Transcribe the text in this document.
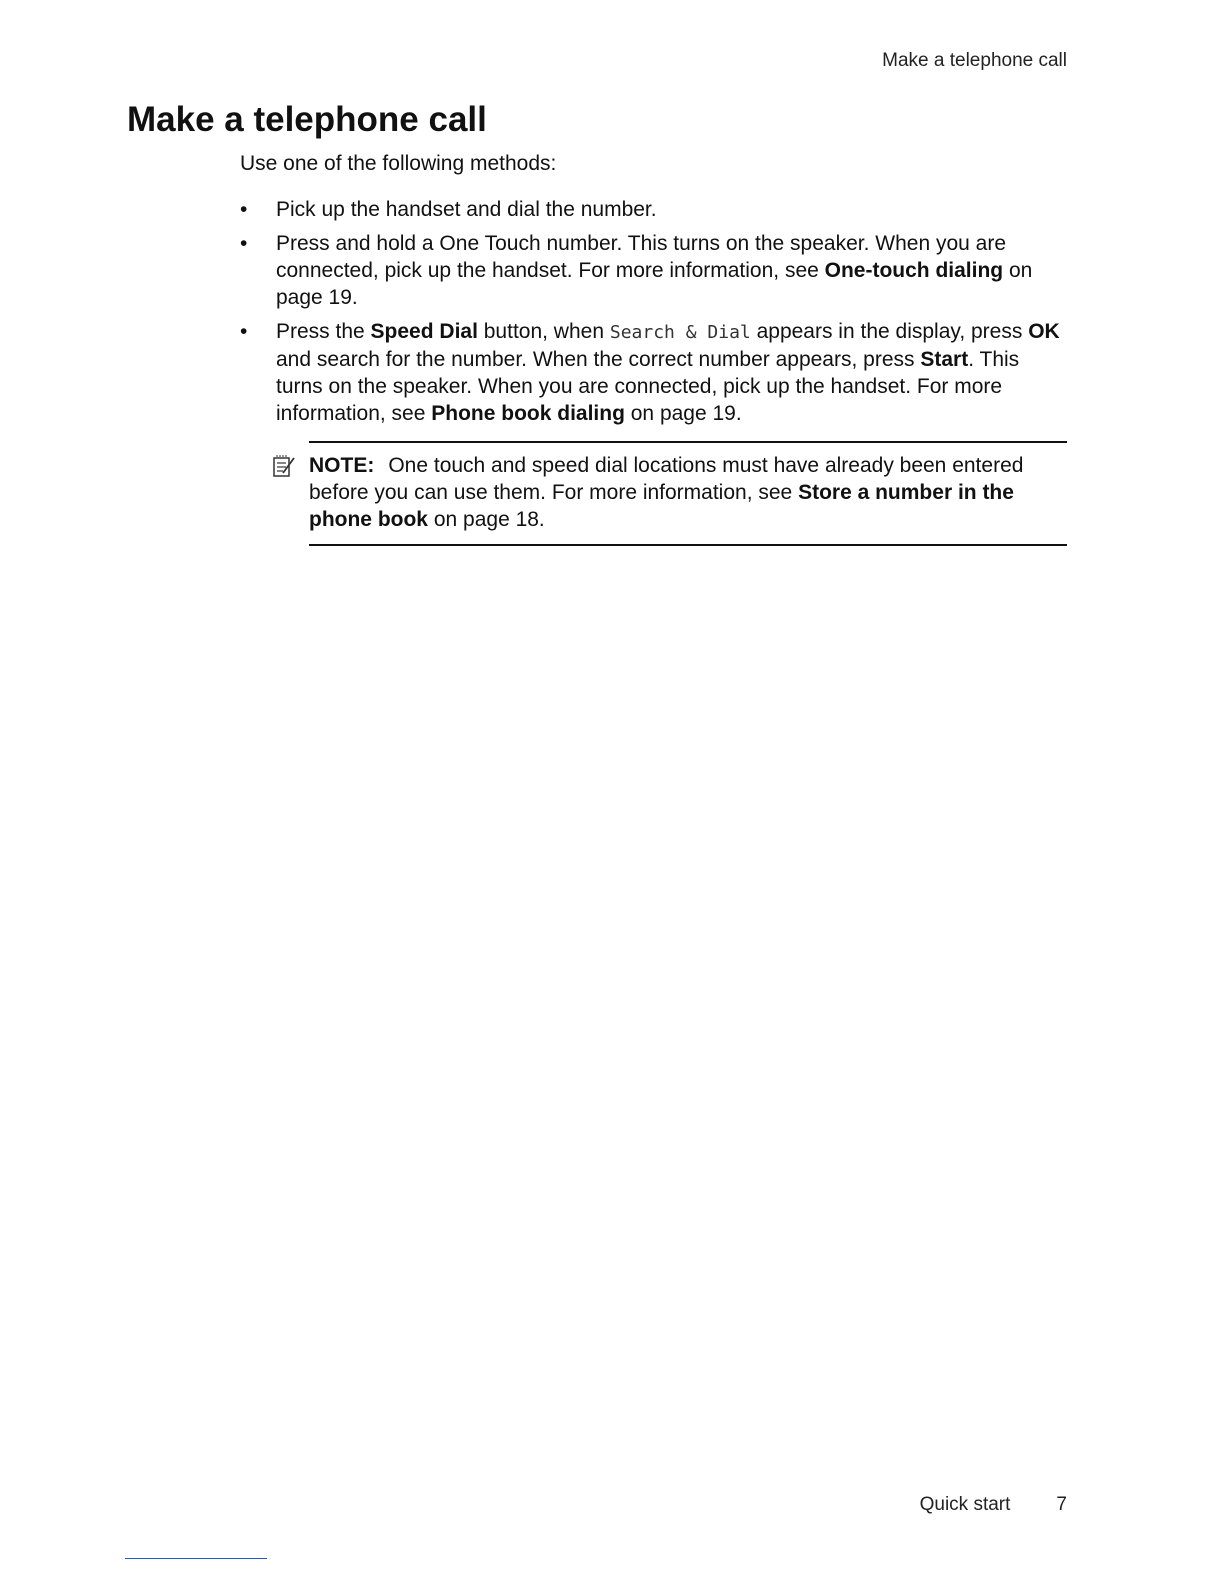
Make a telephone call
Make a telephone call

Use one of the following methods:

• Pick up the handset and dial the number.
• Press and hold a One Touch number. This turns on the speaker. When you are connected, pick up the handset. For more information, see One-touch dialing on page 19.
• Press the Speed Dial button, when Search & Dial appears in the display, press OK and search for the number. When the correct number appears, press Start. This turns on the speaker. When you are connected, pick up the handset. For more information, see Phone book dialing on page 19.
NOTE: One touch and speed dial locations must have already been entered before you can use them. For more information, see Store a number in the phone book on page 18.
Quick start 7
